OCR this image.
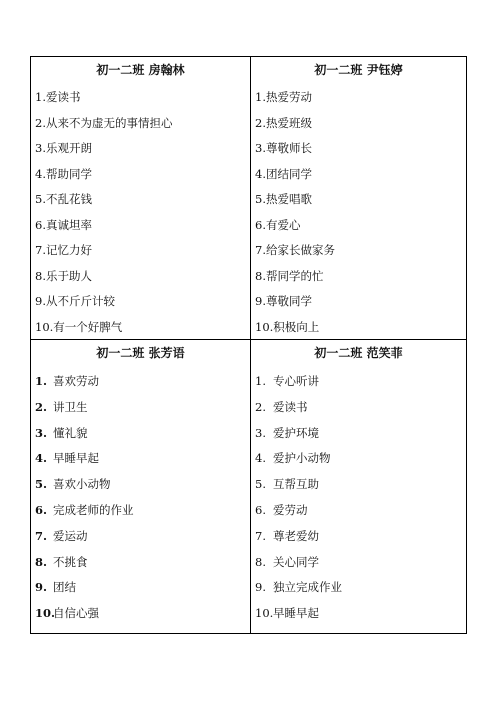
初一二班 房翰林
1.爱读书
2.从来不为虚无的事情担心
3.乐观开朗
4.帮助同学
5.不乱花钱
6.真诚坦率
7.记忆力好
8.乐于助人
9.从不斤斤计较
10.有一个好脾气
初一二班 尹钰婷
1.热爱劳动
2.热爱班级
3.尊敬师长
4.团结同学
5.热爱唱歌
6.有爱心
7.给家长做家务
8.帮同学的忙
9.尊敬同学
10.积极向上
初一二班 张芳语
1. 喜欢劳动
2. 讲卫生
3. 懂礼貌
4. 早睡早起
5. 喜欢小动物
6. 完成老师的作业
7. 爱运动
8. 不挑食
9. 团结
10.自信心强
初一二班 范笑菲
1. 专心听讲
2. 爱读书
3. 爱护环境
4. 爱护小动物
5. 互帮互助
6. 爱劳动
7. 尊老爱幼
8. 关心同学
9. 独立完成作业
10.早睡早起
